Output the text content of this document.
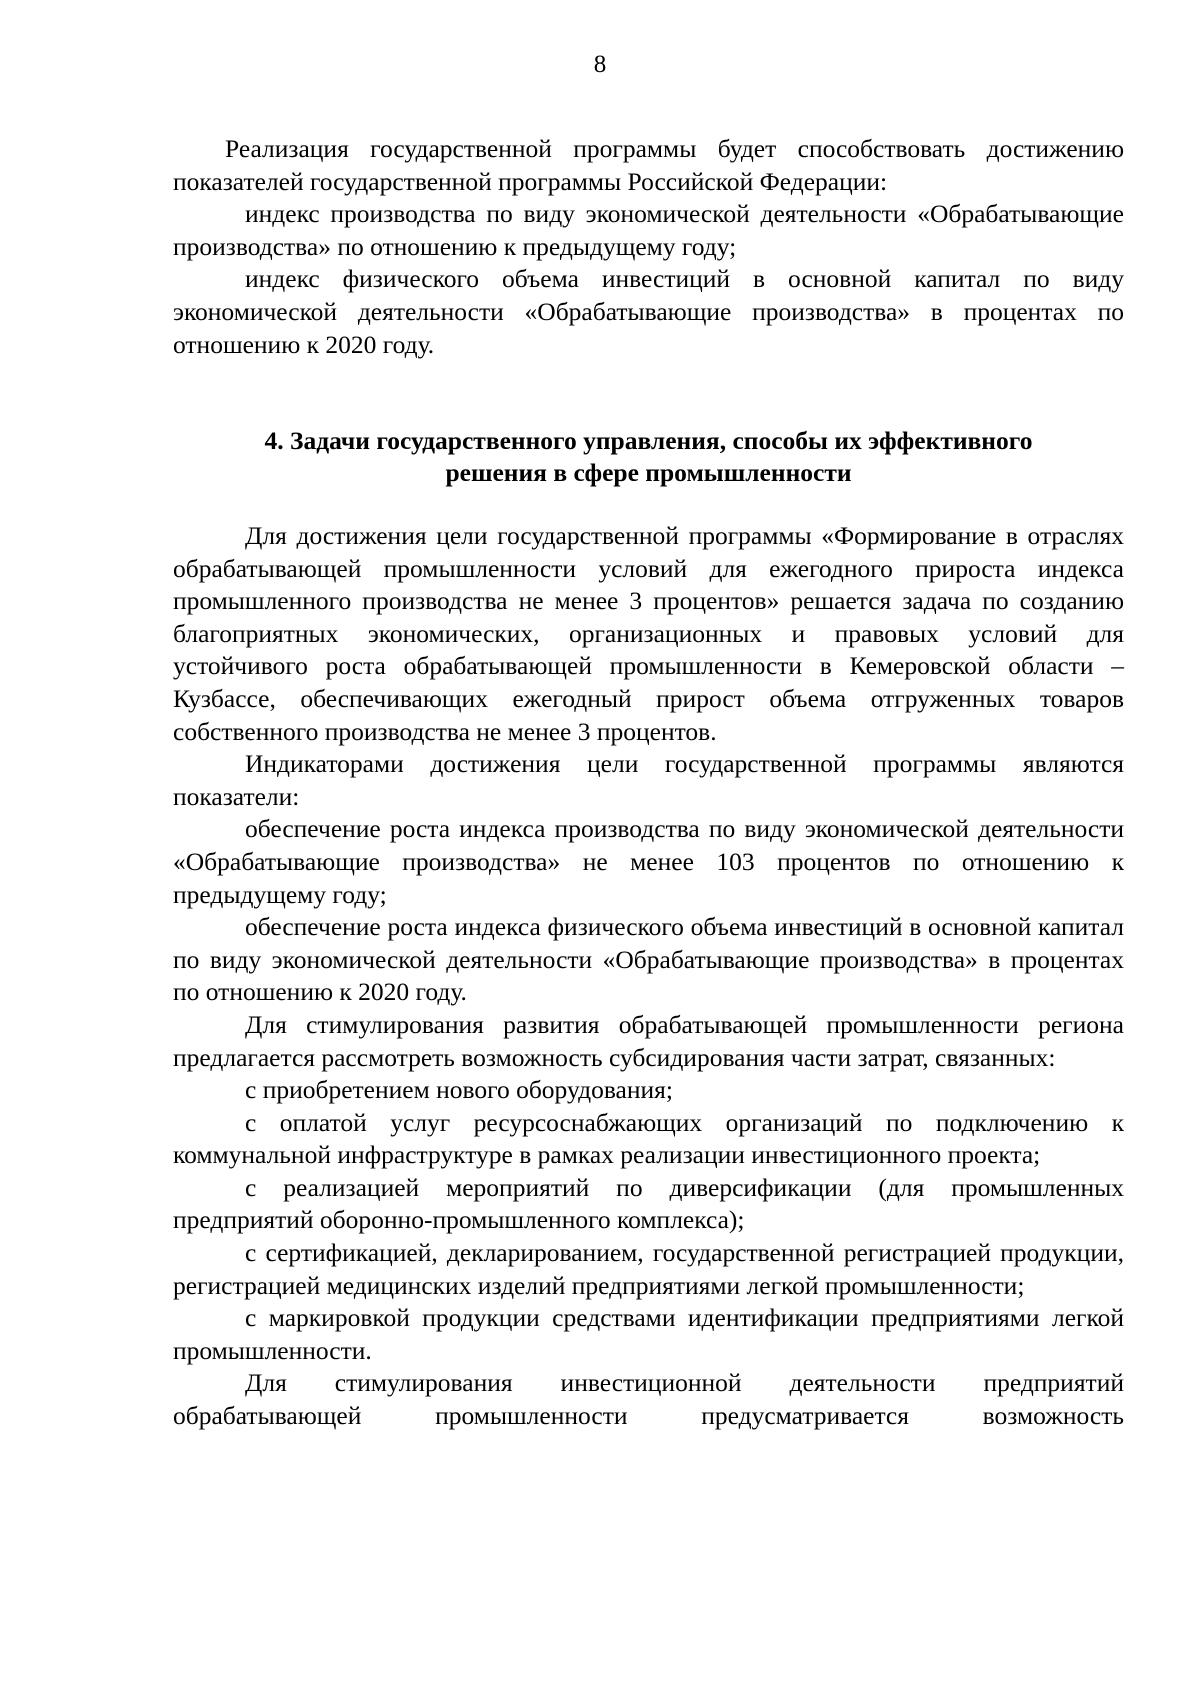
8

Реализация государственной программы будет способствовать достижению показателей государственной программы Российской Федерации:

индекс производства по виду экономической деятельности «Обрабатывающие производства» по отношению к предыдущему году;

индекс физического объема инвестиций в основной капитал по виду экономической деятельности «Обрабатывающие производства» в процентах по отношению к 2020 году.

4. Задачи государственного управления, способы их эффективного
решения в сфере промышленности

Для достижения цели государственной программы «Формирование в отраслях обрабатывающей промышленности условий для ежегодного прироста индекса промышленного производства не менее 3 процентов» решается задача по созданию благоприятных экономических, организационных и правовых условий для устойчивого роста обрабатывающей промышленности в Кемеровской области – Кузбассе, обеспечивающих ежегодный прирост объема отгруженных товаров собственного производства не менее 3 процентов.

Индикаторами достижения цели государственной программы являются показатели:

обеспечение роста индекса производства по виду экономической деятельности «Обрабатывающие производства» не менее 103 процентов по отношению к предыдущему году;

обеспечение роста индекса физического объема инвестиций в основной капитал по виду экономической деятельности «Обрабатывающие производства» в процентах по отношению к 2020 году.

Для стимулирования развития обрабатывающей промышленности региона предлагается рассмотреть возможность субсидирования части затрат, связанных:

с приобретением нового оборудования;

с оплатой услуг ресурсоснабжающих организаций по подключению к коммунальной инфраструктуре в рамках реализации инвестиционного проекта;

с реализацией мероприятий по диверсификации (для промышленных предприятий оборонно-промышленного комплекса);

с сертификацией, декларированием, государственной регистрацией продукции, регистрацией медицинских изделий предприятиями легкой промышленности;

с маркировкой продукции средствами идентификации предприятиями легкой промышленности.

Для стимулирования инвестиционной деятельности предприятий обрабатывающей промышленности предусматривается возможность
